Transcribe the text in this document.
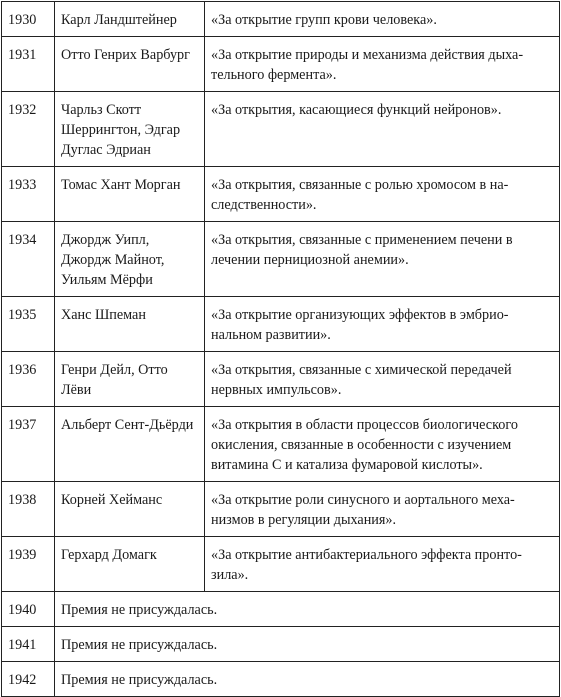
1930	Карл Ландштейнер	«За открытие групп крови человека».

1931	Отто Генрих Варбург	«За открытие природы и механизма действия дыха-
тельного фермента».

1932	Чарльз Скотт
Шеррингтон, Эдгар
Дуглас Эдриан	«За открытия, касающиеся функций нейронов».

1933	Томас Хант Морган	«За открытия, связанные с ролью хромосом в на-
следственности».

1934	Джордж Уипл,
Джордж Майнот,
Уильям Мёрфи	«За открытия, связанные с применением печени в
лечении пернициозной анемии».

1935	Ханс Шпеман	«За открытие организующих эффектов в эмбрио-
нальном развитии».

1936	Генри Дейл, Отто
Лёви	«За открытия, связанные с химической передачей
нервных импульсов».

1937	Альберт Сент-Дьёрди	«За открытия в области процессов биологического
окисления, связанные в особенности с изучением
витамина С и катализа фумаровой кислоты».

1938	Корней Хейманс	«За открытие роли синусного и аортального меха-
низмов в регуляции дыхания».

1939	Герхард Домагк	«За открытие антибактериального эффекта пронто-
зила».

1940	Премия не присуждалась.	
1941	Премия не присуждалась.	
1942	Премия не присуждалась.	
